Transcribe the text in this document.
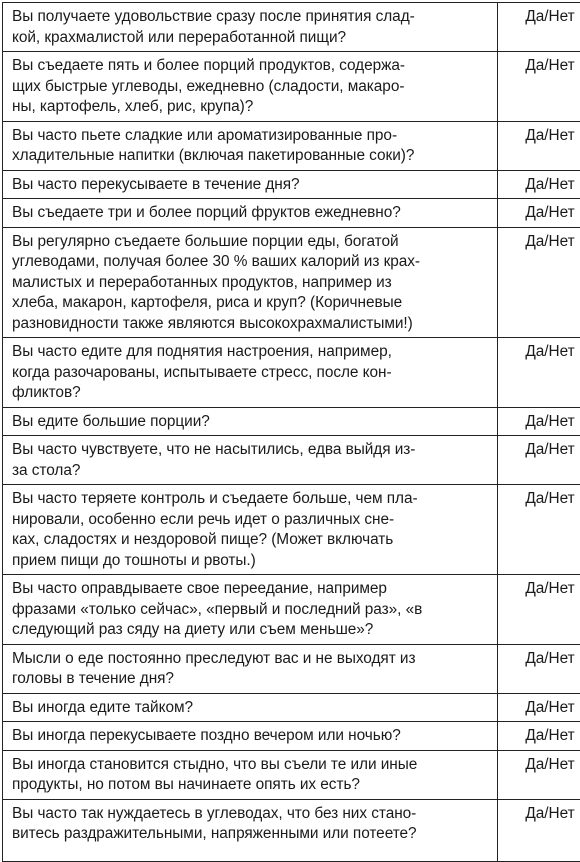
Вы получаете удовольствие сразу после принятия слад-
кой, крахмалистой или переработанной пищи?	Да/Нет

Вы съедаете пять и более порций продуктов, содержа-
щих быстрые углеводы, ежедневно (сладости, макаро-
ны, картофель, хлеб, рис, крупа)?	Да/Нет

Вы часто пьете сладкие или ароматизированные про-
хладительные напитки (включая пакетированные соки)?	Да/Нет

Вы часто перекусываете в течение дня?	Да/Нет

Вы съедаете три и более порций фруктов ежедневно?	Да/Нет

Вы регулярно съедаете большие порции еды, богатой
углеводами, получая более 30 % ваших калорий из крах-
малистых и переработанных продуктов, например из
хлеба, макарон, картофеля, риса и круп? (Коричневые
разновидности также являются высокохрахмалистыми!)	Да/Нет

Вы часто едите для поднятия настроения, например,
когда разочарованы, испытываете стресс, после кон-
фликтов?	Да/Нет

Вы едите большие порции?	Да/Нет

Вы часто чувствуете, что не насытились, едва выйдя из-
за стола?	Да/Нет

Вы часто теряете контроль и съедаете больше, чем пла-
нировали, особенно если речь идет о различных сне-
ках, сладостях и нездоровой пище? (Может включать
прием пищи до тошноты и рвоты.)	Да/Нет

Вы часто оправдываете свое переедание, например
фразами «только сейчас», «первый и последний раз», «в
следующий раз сяду на диету или съем меньше»?	Да/Нет

Мысли о еде постоянно преследуют вас и не выходят из
головы в течение дня?	Да/Нет

Вы иногда едите тайком?	Да/Нет

Вы иногда перекусываете поздно вечером или ночью?	Да/Нет

Вы иногда становится стыдно, что вы съели те или иные
продукты, но потом вы начинаете опять их есть?	Да/Нет

Вы часто так нуждаетесь в углеводах, что без них стано-
витесь раздражительными, напряженными или потеете?	Да/Нет
